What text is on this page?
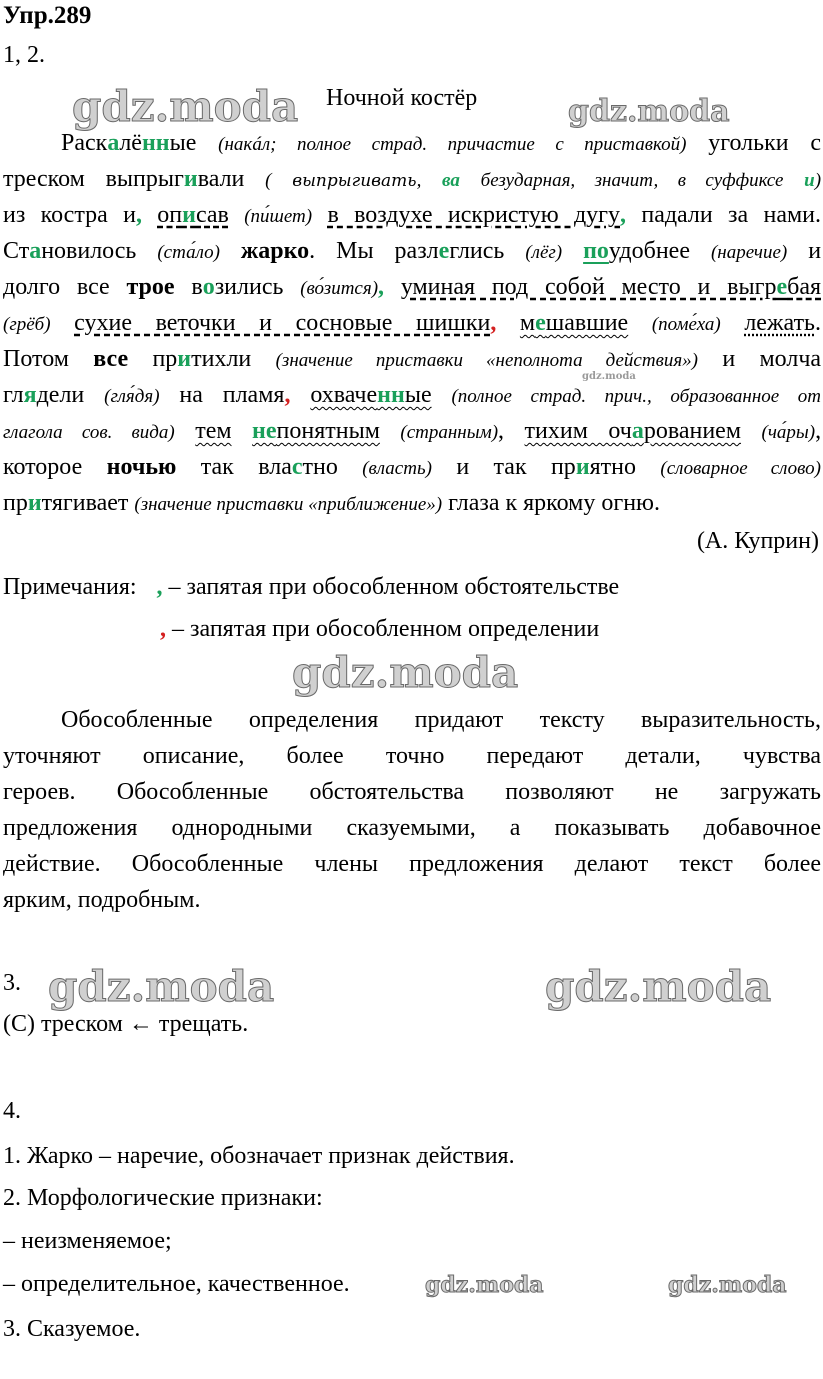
Упр.289
1, 2.
gdz.moda	gdz.moda
gdz.moda
gdz.moda
gdz.moda	gdz.moda
gdz.moda	gdz.moda
Ночной костёр
Раскалённые (накáл; полное страд. причастие с приставкой) угольки с
треском выпрыгивали ( выпрыгивать, ва безударная, значит, в суффиксе и)
из костра и, описав (пи́шет) в воздухе искристую дугу, падали за нами.
Становилось (ста́ло) жарко. Мы разлеглись (лёг) поудобнее (наречие) и
долго все трое возились (во́зится), уминая под собой место и выгребая
(грёб) сухие веточки и сосновые шишки, мешавшие (поме́ха) лежать.
Потом все притихли (значение приставки «неполнота действия») и молча
глядели (гля́дя) на пламя, охваченные (полное страд. прич., образованное от
глагола сов. вида) тем непонятным (странным), тихим очарованием (ча́ры),
которое ночью так властно (власть) и так приятно (словарное слово)
притягивает (значение приставки «приближение») глаза к яркому огню.
(А. Куприн)
Примечания: , – запятая при обособленном обстоятельстве
, – запятая при обособленном определении
Обособленные определения придают тексту выразительность,
уточняют описание, более точно передают детали, чувства
героев. Обособленные обстоятельства позволяют не загружать
предложения однородными сказуемыми, а показывать добавочное
действие. Обособленные члены предложения делают текст более
ярким, подробным.
3.
(С) треском ← трещать.
4.
1. Жарко – наречие, обозначает признак действия.
2. Морфологические признаки:
– неизменяемое;
– определительное, качественное.
3. Сказуемое.
